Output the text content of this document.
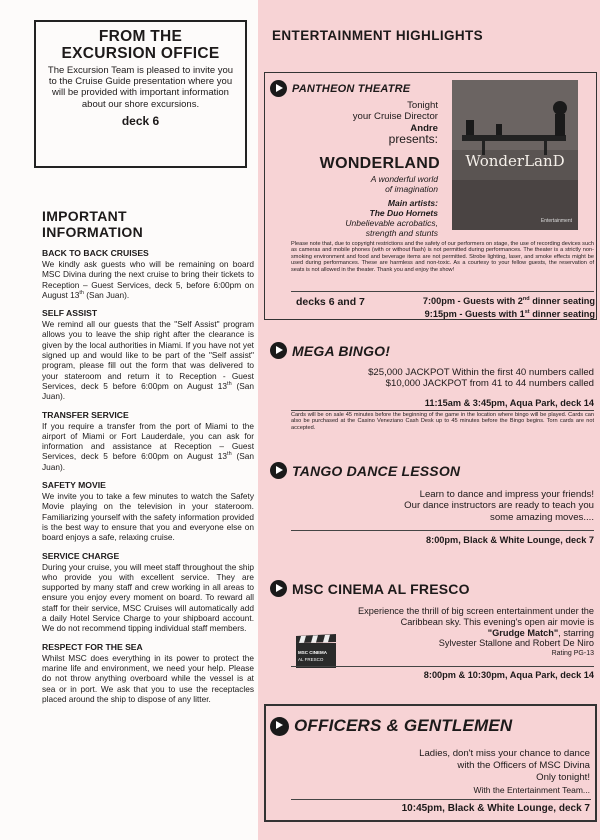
FROM THE
EXCURSION OFFICE
The Excursion Team is pleased to invite you to the Cruise Guide presentation where you will be provided with important information about our shore excursions.
deck 6
IMPORTANT
INFORMATION
BACK TO BACK CRUISES
We kindly ask guests who will be remaining on board MSC Divina during the next cruise to bring their tickets to Reception – Guest Services, deck 5, before 6:00pm on August 13th (San Juan).
SELF ASSIST
We remind all our guests that the "Self Assist" program allows you to leave the ship right after the clearance is given by the local authorities in Miami. If you have not yet signed up and would like to be part of the "Self assist" program, please fill out the form that was delivered to your stateroom and return it to Reception - Guest Services, deck 5 before 6:00pm on August 13th (San Juan).
TRANSFER SERVICE
If you require a transfer from the port of Miami to the airport of Miami or Fort Lauderdale, you can ask for information and assistance at Reception – Guest Services, deck 5 before 6:00pm on August 13th (San Juan).
SAFETY MOVIE
We invite you to take a few minutes to watch the Safety Movie playing on the television in your stateroom. Familiarizing yourself with the safety information provided is the best way to ensure that you and everyone else on board enjoys a safe, relaxing cruise.
SERVICE CHARGE
During your cruise, you will meet staff throughout the ship who provide you with excellent service. They are supported by many staff and crew working in all areas to ensure you enjoy every moment on board. To reward all staff for their service, MSC Cruises will automatically add a daily Hotel Service Charge to your shipboard account. We do not recommend tipping individual staff members.
RESPECT FOR THE SEA
Whilst MSC does everything in its power to protect the marine life and environment, we need your help. Please do not throw anything overboard while the vessel is at sea or in port. We ask that you to use the receptacles placed around the ship to dispose of any litter.
ENTERTAINMENT HIGHLIGHTS
PANTHEON THEATRE
Tonight
your Cruise Director
Andre
presents:
WONDERLAND
A wonderful world
of imagination
Main artists:
The Duo Hornets
Unbelievable acrobatics,
strength and stunts
WonderLanD
Entertainment
Please note that, due to copyright restrictions and the safety of our performers on stage, the use of recording devices such as cameras and mobile phones (with or without flash) is not permitted during performances. The theater is a strictly non-smoking environment and food and beverage items are not permitted. Strobe lighting, laser, and smoke effects might be used during performances. These are harmless and non-toxic. As a courtesy to your fellow guests, the reservation of seats is not allowed in the theater. Thank you and enjoy the show!
decks 6 and 7	7:00pm - Guests with 2nd dinner seating
9:15pm - Guests with 1st dinner seating
MEGA BINGO!
$25,000 JACKPOT Within the first 40 numbers called
$10,000 JACKPOT from 41 to 44 numbers called
11:15am & 3:45pm, Aqua Park, deck 14
Cards will be on sale 45 minutes before the beginning of the game in the location where bingo will be played. Cards can also be purchased at the Casino Veneziano Cash Desk up to 45 minutes before the Bingo begins. Torn cards are not accepted.
TANGO DANCE LESSON
Learn to dance and impress your friends!
Our dance instructors are ready to teach you
some amazing moves....
8:00pm, Black & White Lounge, deck 7
MSC CINEMA AL FRESCO
Experience the thrill of big screen entertainment under the
Caribbean sky. This evening's open air movie is
"Grudge Match", starring
Sylvester Stallone and Robert De Niro
Rating PG-13
MSC CINEMA
AL FRESCO
8:00pm & 10:30pm, Aqua Park, deck 14
OFFICERS & GENTLEMEN
Ladies, don't miss your chance to dance
with the Officers of MSC Divina
Only tonight!
With the Entertainment Team...
10:45pm, Black & White Lounge, deck 7
